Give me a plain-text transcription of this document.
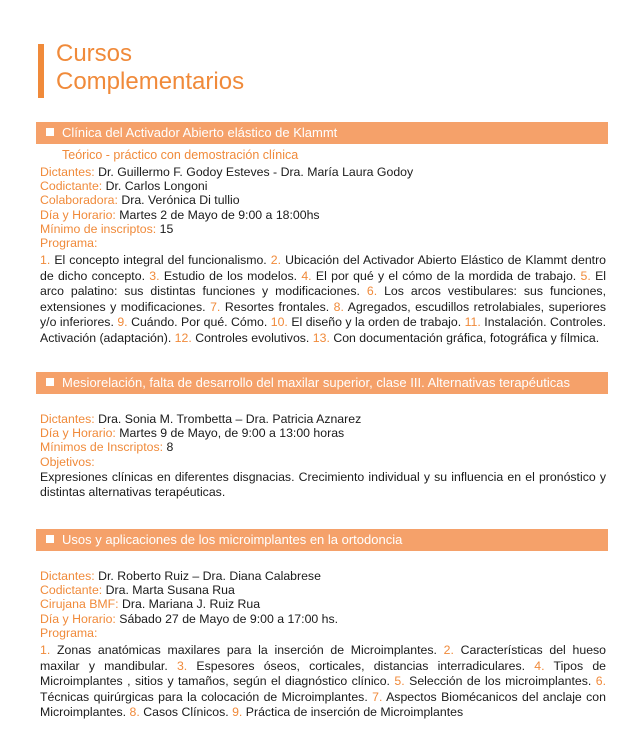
Cursos
Complementarios
Clínica del Activador Abierto elástico de Klammt
Teórico - práctico con demostración clínica
Dictantes: Dr. Guillermo F. Godoy Esteves - Dra. María Laura Godoy
Codictante: Dr. Carlos Longoni
Colaboradora: Dra. Verónica Di tullio
Día y Horario: Martes 2 de Mayo de 9:00 a 18:00hs
Mínimo de inscriptos: 15
Programa:
1. El concepto integral del funcionalismo. 2. Ubicación del Activador Abierto Elástico de Klammt dentro de dicho concepto. 3. Estudio de los modelos. 4. El por qué y el cómo de la mordida de trabajo. 5. El arco palatino: sus distintas funciones y modificaciones. 6. Los arcos vestibulares: sus funciones, extensiones y modificaciones. 7. Resortes frontales. 8. Agregados, escudillos retrolabiales, superiores y/o inferiores. 9. Cuándo. Por qué. Cómo. 10. El diseño y la orden de trabajo. 11. Instalación. Controles. Activación (adaptación). 12. Controles evolutivos. 13. Con documentación gráfica, fotográfica y fílmica.
Mesiorelación, falta de desarrollo del maxilar superior, clase III. Alternativas terapéuticas
Dictantes: Dra. Sonia M. Trombetta – Dra. Patricia Aznarez
Día y Horario: Martes 9 de Mayo, de 9:00 a 13:00 horas
Mínimos de Inscriptos: 8
Objetivos:
Expresiones clínicas en diferentes disgnacias. Crecimiento individual y su influencia en el pronóstico y distintas alternativas terapéuticas.
Usos y aplicaciones de los microimplantes en la ortodoncia
Dictantes: Dr. Roberto Ruiz – Dra. Diana Calabrese
Codictante: Dra. Marta Susana Rua
Cirujana BMF: Dra. Mariana J. Ruiz Rua
Día y Horario: Sábado 27 de Mayo de 9:00 a 17:00 hs.
Programa:
1. Zonas anatómicas maxilares para la inserción de Microimplantes. 2. Características del hueso maxilar y mandibular. 3. Espesores óseos, corticales, distancias interradiculares. 4. Tipos de Microimplantes , sitios y tamaños, según el diagnóstico clínico. 5. Selección de los microimplantes. 6. Técnicas quirúrgicas para la colocación de Microimplantes. 7. Aspectos Biomécanicos del anclaje con Microimplantes. 8. Casos Clínicos. 9. Práctica de inserción de Microimplantes
